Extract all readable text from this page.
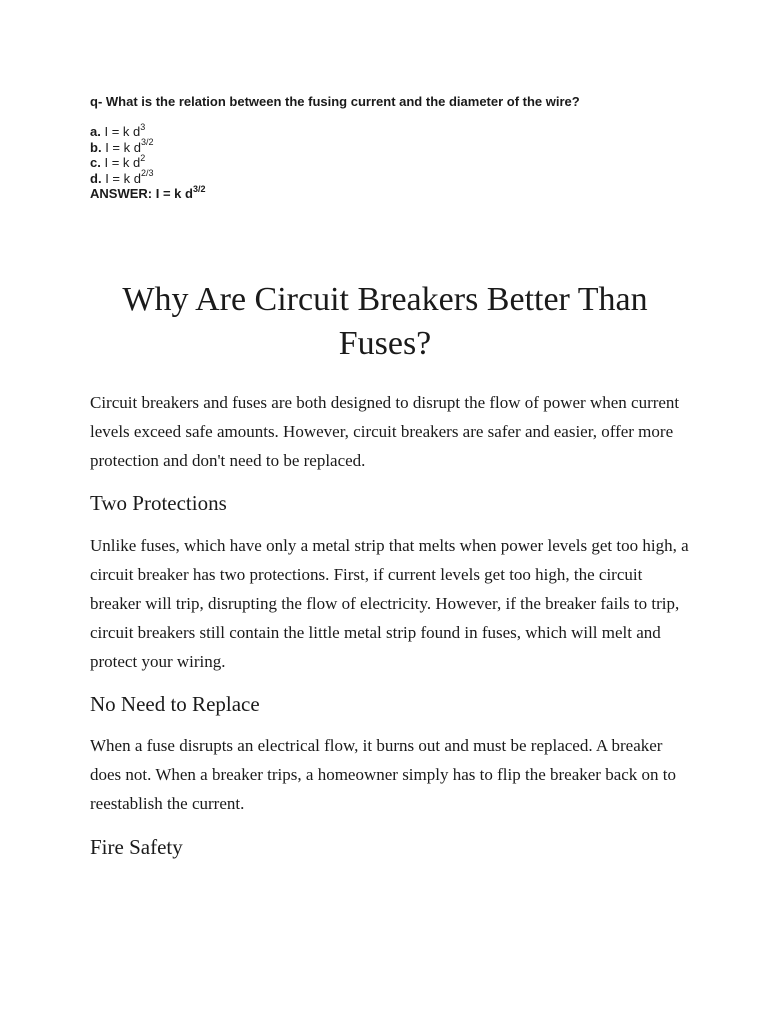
q- What is the relation between the fusing current and the diameter of the wire?

a. I = k $d^3$

b. I = k $d^{3/2}$

c. I = k $d^2$

d. I = k $d^{2/3}$

ANSWER: I = k $d^{3/2}$

Why Are Circuit Breakers Better Than Fuses?

Circuit breakers and fuses are both designed to disrupt the flow of power when current levels exceed safe amounts. However, circuit breakers are safer and easier, offer more protection and don't need to be replaced.

Two Protections

Unlike fuses, which have only a metal strip that melts when power levels get too high, a circuit breaker has two protections. First, if current levels get too high, the circuit breaker will trip, disrupting the flow of electricity. However, if the breaker fails to trip, circuit breakers still contain the little metal strip found in fuses, which will melt and protect your wiring.

No Need to Replace

When a fuse disrupts an electrical flow, it burns out and must be replaced. A breaker does not. When a breaker trips, a homeowner simply has to flip the breaker back on to reestablish the current.

Fire Safety
